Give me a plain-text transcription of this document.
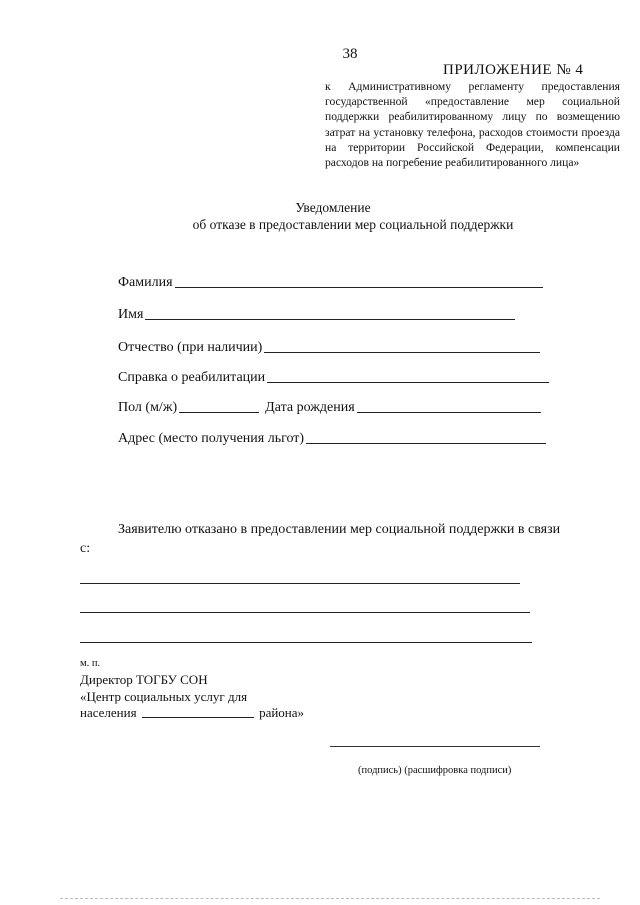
38
ПРИЛОЖЕНИЕ № 4
к Административному регламенту предоставления государственной «предоставление мер социальной поддержки реабилитированному лицу по возмещению затрат на установку телефона, расходов стоимости проезда на территории Российской Федерации, компенсации расходов на погребение реабилитированного лица»
Уведомление
об отказе в предоставлении мер социальной поддержки
Фамилия
Имя
Отчество (при наличии)
Справка о реабилитации
Пол (м/ж)	Дата рождения
Адрес (место получения льгот)
Заявителю отказано в предоставлении мер социальной поддержки в связи
с:
м. п.
Директор ТОГБУ СОН
«Центр социальных услуг для
населения	района»
(подпись) (расшифровка подписи)
